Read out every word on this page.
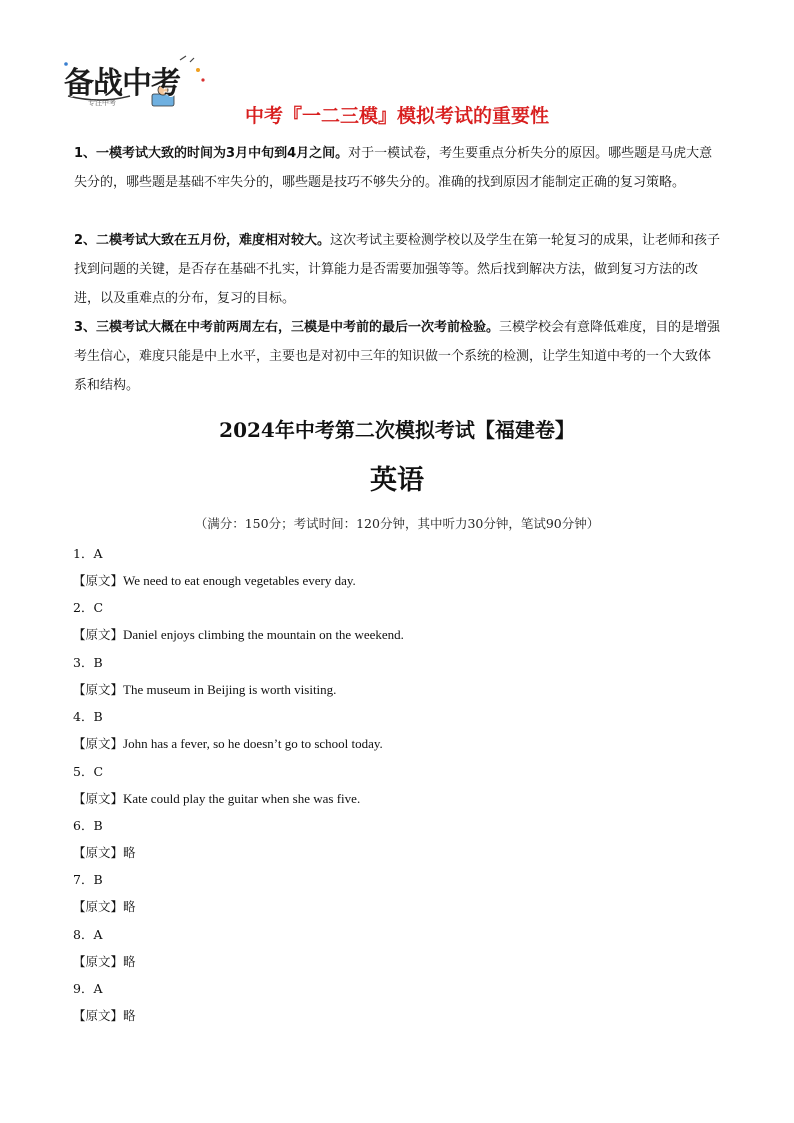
备战中考
专注中考
中考『一二三模』模拟考试的重要性
1、一模考试大致的时间为3月中旬到4月之间。对于一模试卷，考生要重点分析失分的原因。哪些题是马虎大意失分的，哪些题是基础不牢失分的，哪些题是技巧不够失分的。准确的找到原因才能制定正确的复习策略。
2、二模考试大致在五月份，难度相对较大。这次考试主要检测学校以及学生在第一轮复习的成果，让老师和孩子找到问题的关键，是否存在基础不扎实，计算能力是否需要加强等等。然后找到解决方法，做到复习方法的改进，以及重难点的分布，复习的目标。
3、三模考试大概在中考前两周左右，三模是中考前的最后一次考前检验。三模学校会有意降低难度，目的是增强考生信心，难度只能是中上水平，主要也是对初中三年的知识做一个系统的检测，让学生知道中考的一个大致体系和结构。
2024年中考第二次模拟考试【福建卷】
英语
（满分：150分；考试时间：120分钟，其中听力30分钟，笔试90分钟）
1．A
【原文】We need to eat enough vegetables every day.
2．C
【原文】Daniel enjoys climbing the mountain on the weekend.
3．B
【原文】The museum in Beijing is worth visiting.
4．B
【原文】John has a fever, so he doesn’t go to school today.
5．C
【原文】Kate could play the guitar when she was five.
6．B
【原文】略
7．B
【原文】略
8．A
【原文】略
9．A
【原文】略
